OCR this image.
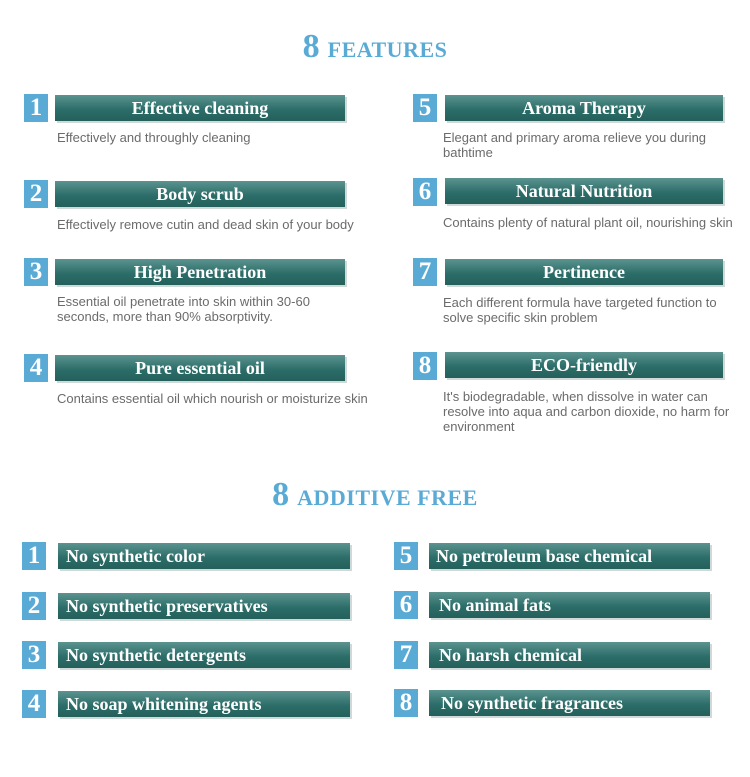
8 FEATURES
1	Effective cleaning
Effectively and throughly cleaning
2	Body scrub
Effectively remove cutin and dead skin of your body
3	High Penetration
Essential oil penetrate into skin within 30-60 seconds, more than 90% absorptivity.
4	Pure essential oil
Contains essential oil which nourish or moisturize skin
5	Aroma Therapy
Elegant and primary aroma relieve you during bathtime
6	Natural Nutrition
Contains plenty of natural plant oil, nourishing skin
7	Pertinence
Each different formula have targeted function to solve specific skin problem
8	ECO-friendly
It's biodegradable, when dissolve in water can resolve into aqua and carbon dioxide, no harm for environment
8 ADDITIVE FREE
1	No synthetic color
2	No synthetic preservatives
3	No synthetic detergents
4	No soap whitening agents
5	No petroleum base chemical
6	No animal fats
7	No harsh chemical
8	No synthetic fragrances
